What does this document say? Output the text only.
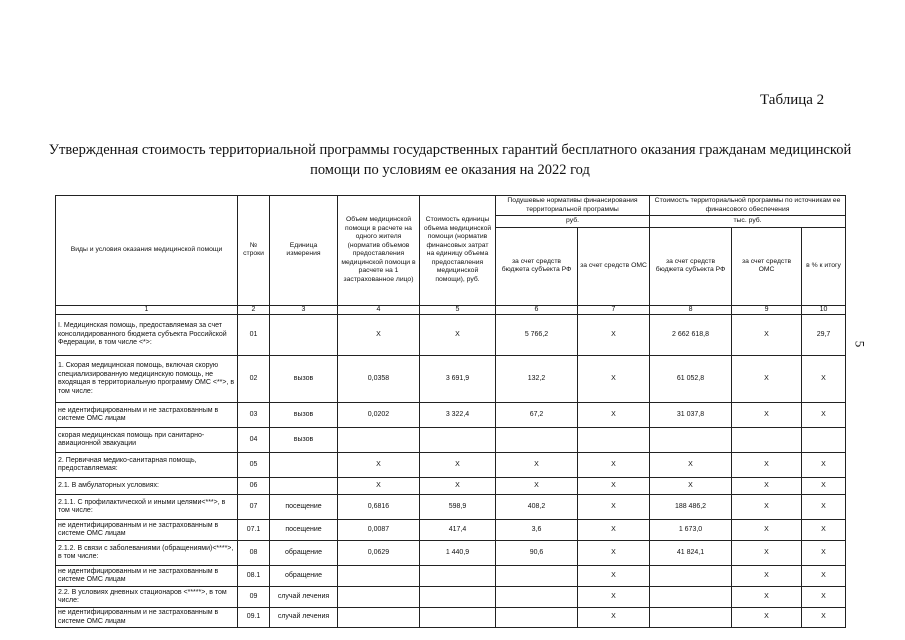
Таблица 2
Утвержденная стоимость территориальной программы государственных гарантий бесплатного оказания гражданам медицинской помощи по условиям ее оказания на 2022 год
5
Виды и условия оказания медицинской помощи	№ строки	Единица измерения	Объем медицинской помощи в расчете на одного жителя (норматив объемов предоставления медицинской помощи в расчете на 1 застрахованное лицо)	Стоимость единицы объема медицинской помощи (норматив финансовых затрат на единицу объема предоставления медицинской помощи), руб.	Подушевые нормативы финансирования территориальной программы		Стоимость территориальной программы по источникам ее финансового обеспечения		
					руб.		тыс. руб.		
					за счет средств бюджета субъекта РФ	за счет средств ОМС	за счет средств бюджета субъекта РФ	за счет средств ОМС	в % к итогу
1	2	3	4	5	6	7	8	9	10
I. Медицинская помощь, предоставляемая за счет консолидированного бюджета субъекта Российской Федерации, в том числе <*>:	01		X	X	5 766,2	X	2 662 618,8	X	29,7
1. Скорая медицинская помощь, включая скорую специализированную медицинскую помощь, не входящая в территориальную программу ОМС <**>, в том числе:	02	вызов	0,0358	3 691,9	132,2	X	61 052,8	X	X
не идентифицированным и не застрахованным в системе ОМС лицам	03	вызов	0,0202	3 322,4	67,2	X	31 037,8	X	X
скорая медицинская помощь при санитарно-авиационной эвакуации	04	вызов							
2. Первичная медико-санитарная помощь, предоставляемая:	05		X	X	X	X	X	X	X
2.1. В амбулаторных условиях:	06		X	X	X	X	X	X	X
2.1.1. С профилактической и иными целями<***>, в том числе:	07	посещение	0,6816	598,9	408,2	X	188 486,2	X	X
не идентифицированным и не застрахованным в системе ОМС лицам	07.1	посещение	0,0087	417,4	3,6	X	1 673,0	X	X
2.1.2. В связи с заболеваниями (обращениями)<****>, в том числе:	08	обращение	0,0629	1 440,9	90,6	X	41 824,1	X	X
не идентифицированным и не застрахованным в системе ОМС лицам	08.1	обращение				X		X	X
2.2. В условиях дневных стационаров <*****>, в том числе:	09	случай лечения				X		X	X
не идентифицированным и не застрахованным в системе ОМС лицам	09.1	случай лечения				X		X	X
